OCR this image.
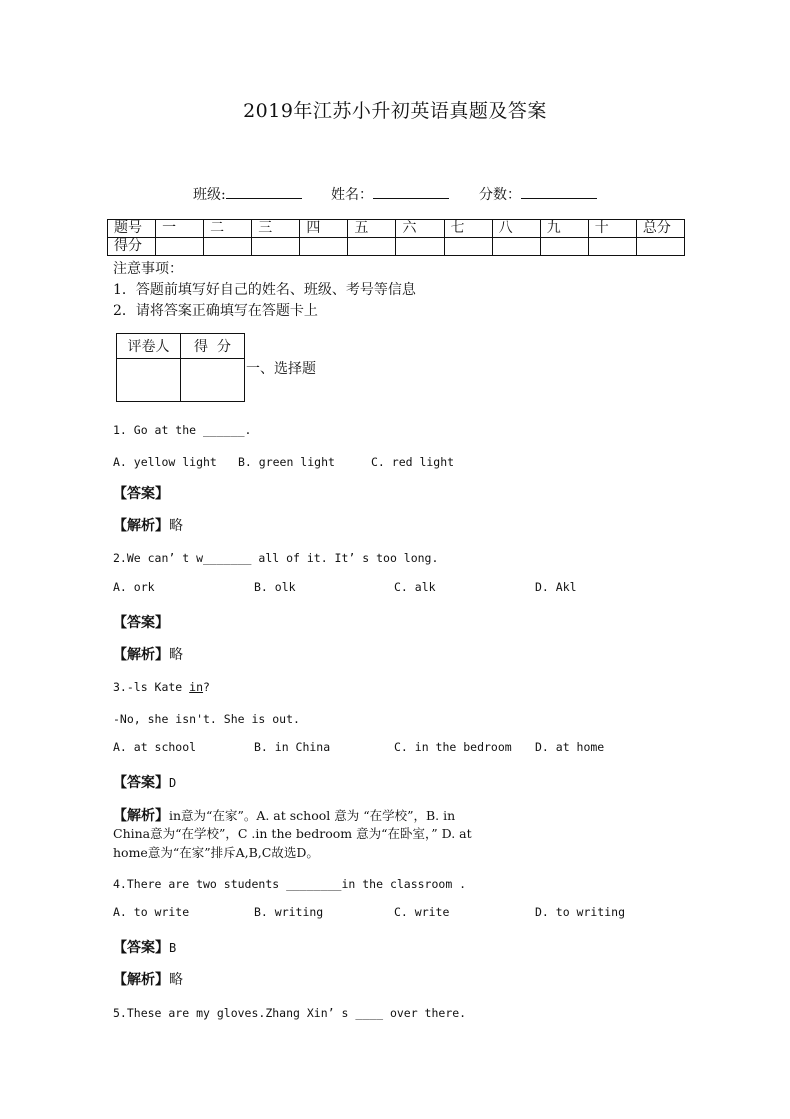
2019年江苏小升初英语真题及答案
班级:	姓名：	分数：
题号	一	二	三	四	五	六	七	八	九	十	总分
得分											
注意事项：
1．答题前填写好自己的姓名、班级、考号等信息
2．请将答案正确填写在答题卡上
评卷人	得  分

一、选择题
1. Go at the ______.
A. yellow light B. green light	C. red light
【答案】
【解析】略
2.We can’ t w_______ all of it. It’ s too long.
A. ork	B. olk	C. alk	D. Akl
【答案】
【解析】略
3.-ls Kate in?
-No, she isn't. She is out.
A. at school	B. in China	C. in the bedroom D. at home
【答案】D
【解析】in意为“在家”。A. at school 意为 “在学校”，B. in
China意为“在学校”，C .in the bedroom 意为“在卧室，” D. at
home意为“在家”排斥A,B,C故选D。
4.There are two students ________in the classroom .
A. to write	B. writing	C. write	D. to writing
【答案】B
【解析】略
5.These are my gloves.Zhang Xin’ s ____ over there.
